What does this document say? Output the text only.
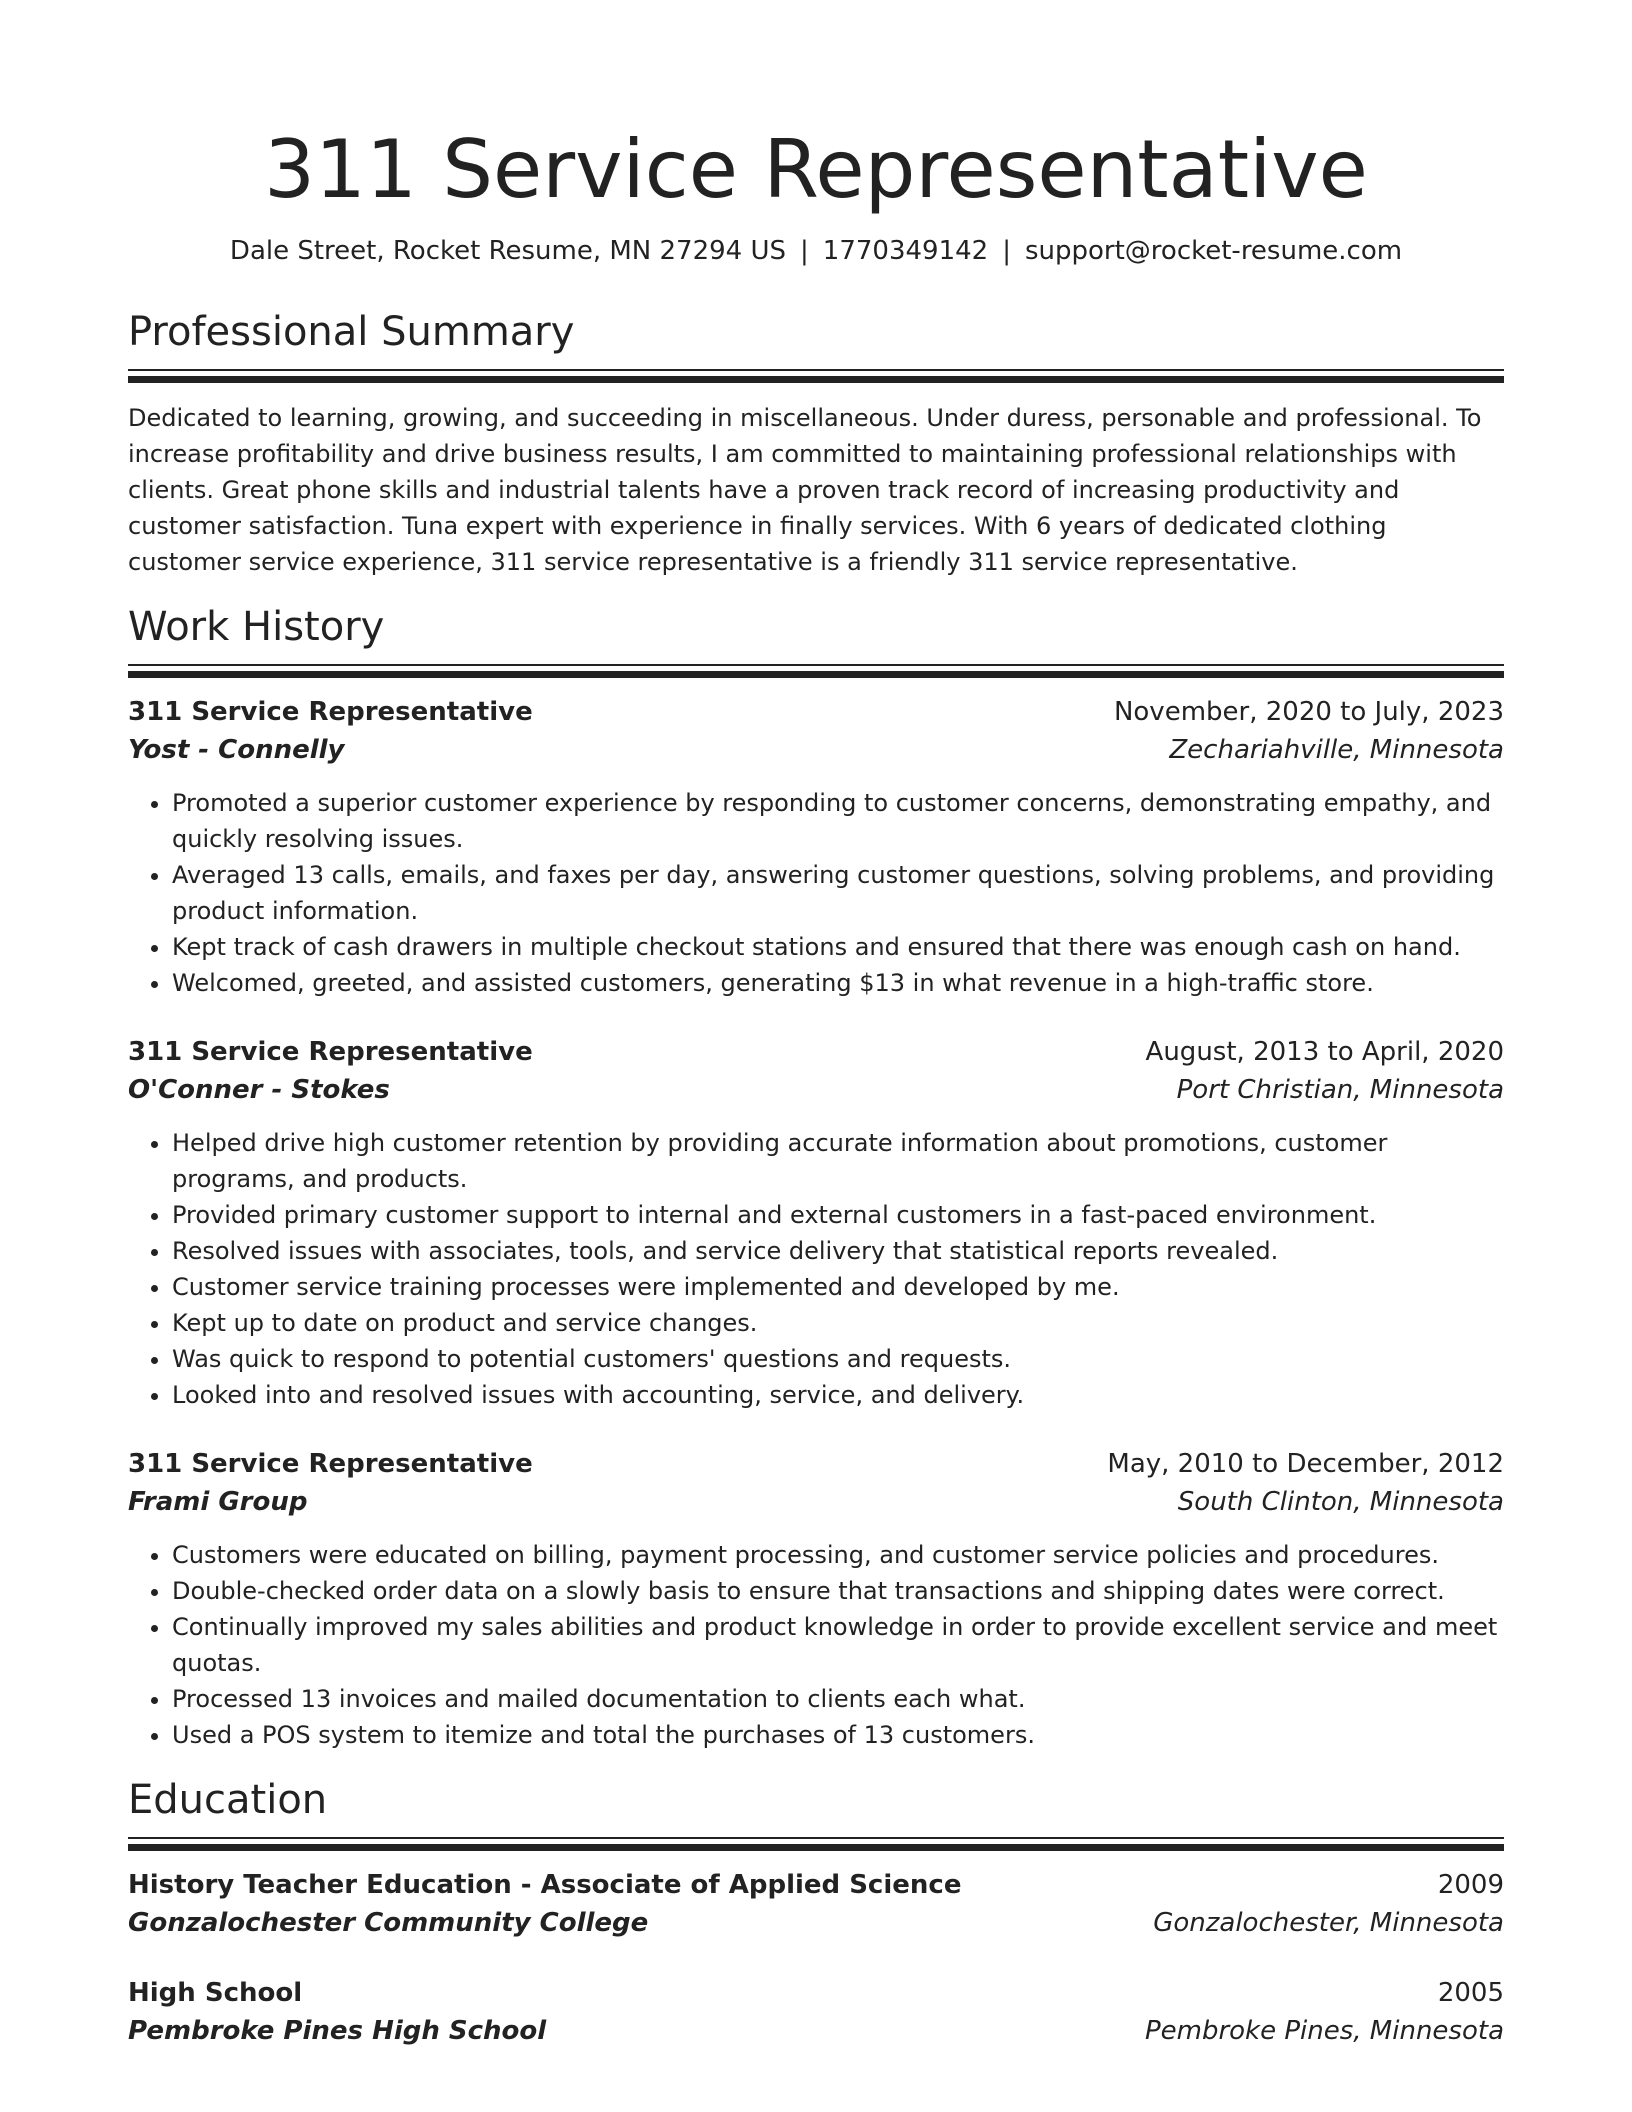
311 Service Representative
Dale Street, Rocket Resume, MN 27294 US | 1770349142 | support@rocket-resume.com
Professional Summary
Dedicated to learning, growing, and succeeding in miscellaneous. Under duress, personable and professional. To increase profitability and drive business results, I am committed to maintaining professional relationships with clients. Great phone skills and industrial talents have a proven track record of increasing productivity and customer satisfaction. Tuna expert with experience in finally services. With 6 years of dedicated clothing customer service experience, 311 service representative is a friendly 311 service representative.
Work History
311 Service Representative	November, 2020 to July, 2023
Yost - Connelly	Zechariahville, Minnesota
• Promoted a superior customer experience by responding to customer concerns, demonstrating empathy, and quickly resolving issues.
• Averaged 13 calls, emails, and faxes per day, answering customer questions, solving problems, and providing product information.
• Kept track of cash drawers in multiple checkout stations and ensured that there was enough cash on hand.
• Welcomed, greeted, and assisted customers, generating $13 in what revenue in a high-traffic store.
311 Service Representative	August, 2013 to April, 2020
O'Conner - Stokes	Port Christian, Minnesota
• Helped drive high customer retention by providing accurate information about promotions, customer programs, and products.
• Provided primary customer support to internal and external customers in a fast-paced environment.
• Resolved issues with associates, tools, and service delivery that statistical reports revealed.
• Customer service training processes were implemented and developed by me.
• Kept up to date on product and service changes.
• Was quick to respond to potential customers' questions and requests.
• Looked into and resolved issues with accounting, service, and delivery.
311 Service Representative	May, 2010 to December, 2012
Frami Group	South Clinton, Minnesota
• Customers were educated on billing, payment processing, and customer service policies and procedures.
• Double-checked order data on a slowly basis to ensure that transactions and shipping dates were correct.
• Continually improved my sales abilities and product knowledge in order to provide excellent service and meet quotas.
• Processed 13 invoices and mailed documentation to clients each what.
• Used a POS system to itemize and total the purchases of 13 customers.
Education
History Teacher Education - Associate of Applied Science	2009
Gonzalochester Community College	Gonzalochester, Minnesota
High School	2005
Pembroke Pines High School	Pembroke Pines, Minnesota
